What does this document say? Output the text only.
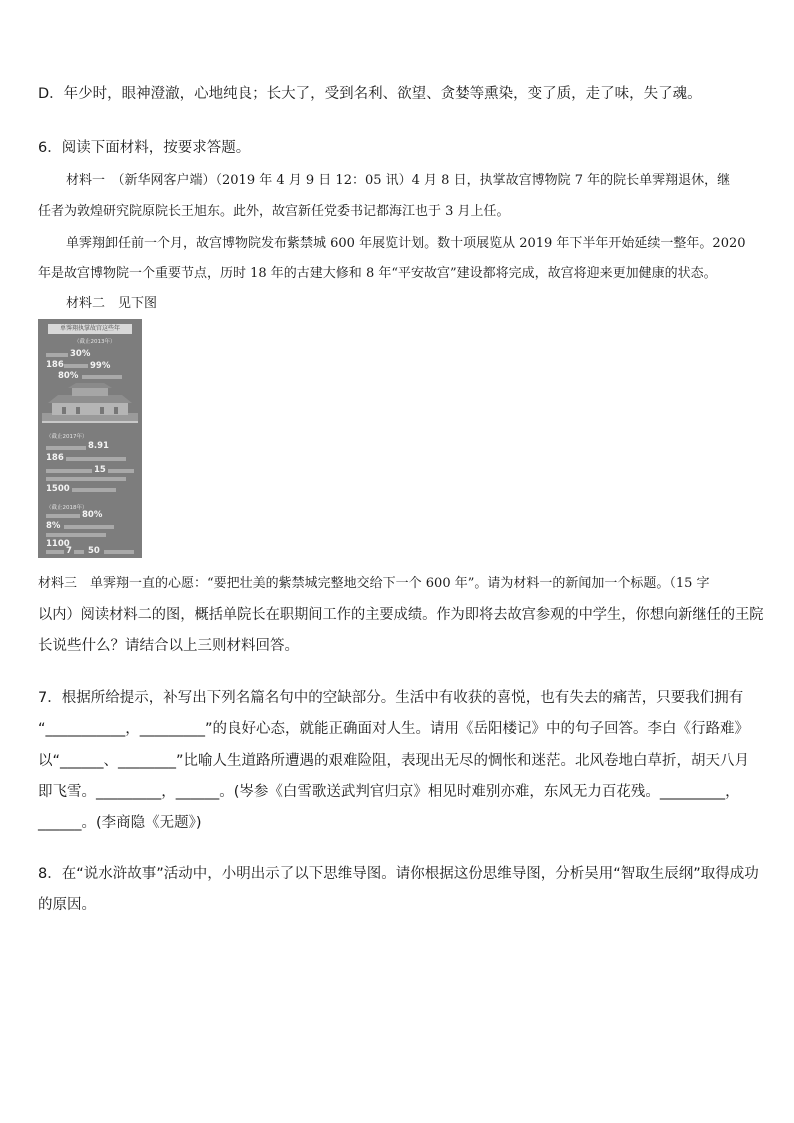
D．年少时，眼神澄澈，心地纯良；长大了，受到名利、欲望、贪婪等熏染，变了质，走了味，失了魂。
6．阅读下面材料，按要求答题。
材料一　（新华网客户端）（2019 年 4 月 9 日 12：05 讯）4 月 8 日，执掌故宫博物院 7 年的院长单霁翔退休，继
任者为敦煌研究院原院长王旭东。此外，故宫新任党委书记都海江也于 3 月上任。
单霁翔卸任前一个月，故宫博物院发布紫禁城 600 年展览计划。数十项展览从 2019 年下半年开始延续一整年。2020
年是故宫博物院一个重要节点，历时 18 年的古建大修和 8 年“平安故宫”建设都将完成，故宫将迎来更加健康的状态。
材料二　见下图
单霁翔执掌故宫这些年
（截止2013年）
30%
186	99%
80%
（截止2017年）
8.91
186
15
1500
（截止2018年）
80%
8%
1100
7 50
材料三　单霁翔一直的心愿：“要把壮美的紫禁城完整地交给下一个 600 年”。请为材料一的新闻加一个标题。（15 字
以内）阅读材料二的图，概括单院长在职期间工作的主要成绩。作为即将去故宫参观的中学生，你想向新继任的王院
长说些什么？请结合以上三则材料回答。
7．根据所给提示，补写出下列名篇名句中的空缺部分。生活中有收获的喜悦，也有失去的痛苦，只要我们拥有
“___________，_________”的良好心态，就能正确面对人生。请用《岳阳楼记》中的句子回答。李白《行路难》
以“______、________”比喻人生道路所遭遇的艰难险阻，表现出无尽的惆怅和迷茫。北风卷地白草折，胡天八月
即飞雪。_________，______。(岑参《白雪歌送武判官归京》相见时难别亦难，东风无力百花残。_________，
______。(李商隐《无题》)
8．在“说水浒故事”活动中，小明出示了以下思维导图。请你根据这份思维导图，分析吴用“智取生辰纲”取得成功
的原因。
